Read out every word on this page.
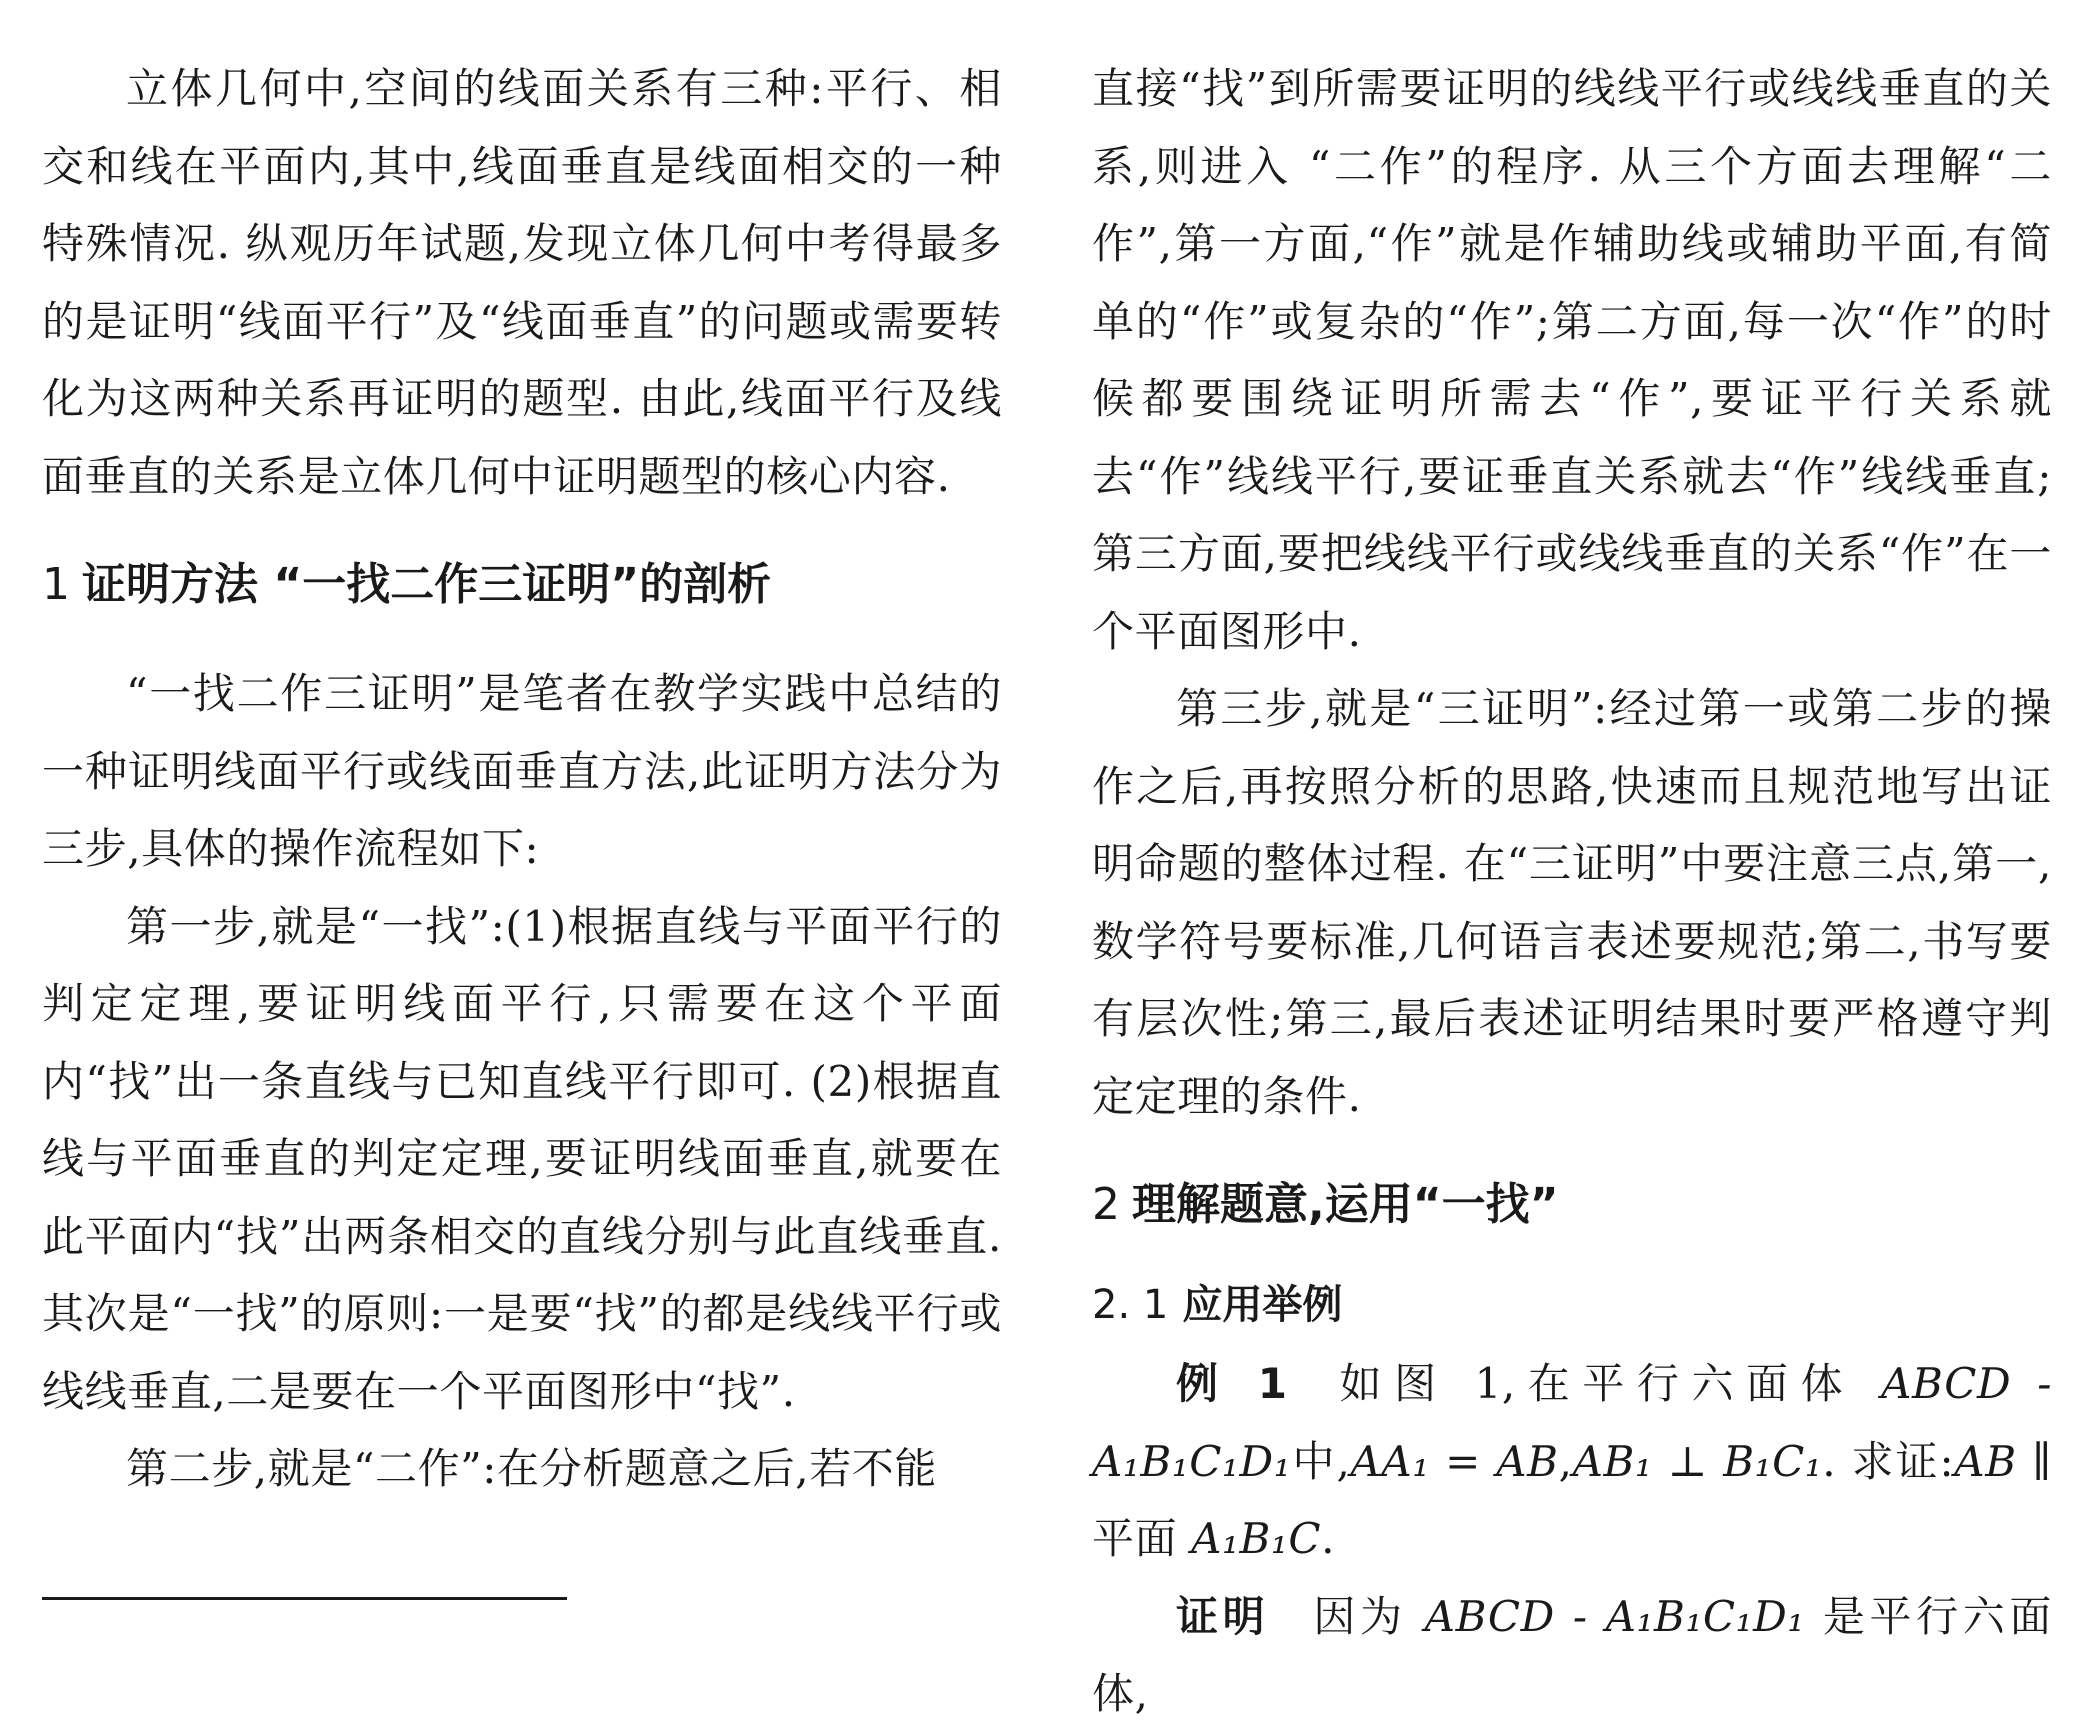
立体几何中,空间的线面关系有三种:平行、相交和线在平面内,其中,线面垂直是线面相交的一种特殊情况. 纵观历年试题,发现立体几何中考得最多的是证明“线面平行”及“线面垂直”的问题或需要转化为这两种关系再证明的题型. 由此,线面平行及线面垂直的关系是立体几何中证明题型的核心内容.

1 证明方法 “一找二作三证明”的剖析

“一找二作三证明”是笔者在教学实践中总结的一种证明线面平行或线面垂直方法,此证明方法分为三步,具体的操作流程如下:

第一步,就是“一找”:(1)根据直线与平面平行的判定定理,要证明线面平行,只需要在这个平面内“找”出一条直线与已知直线平行即可. (2)根据直线与平面垂直的判定定理,要证明线面垂直,就要在此平面内“找”出两条相交的直线分别与此直线垂直. 其次是“一找”的原则:一是要“找”的都是线线平行或线线垂直,二是要在一个平面图形中“找”.

第二步,就是“二作”:在分析题意之后,若不能

直接“找”到所需要证明的线线平行或线线垂直的关系,则进入 “二作”的程序. 从三个方面去理解“二作”,第一方面,“作”就是作辅助线或辅助平面,有简单的“作”或复杂的“作”;第二方面,每一次“作”的时候都要围绕证明所需去“作”,要证平行关系就去“作”线线平行,要证垂直关系就去“作”线线垂直;第三方面,要把线线平行或线线垂直的关系“作”在一个平面图形中.

第三步,就是“三证明”:经过第一或第二步的操作之后,再按照分析的思路,快速而且规范地写出证明命题的整体过程. 在“三证明”中要注意三点,第一,数学符号要标准,几何语言表述要规范;第二,书写要有层次性;第三,最后表述证明结果时要严格遵守判定定理的条件.

2 理解题意,运用“一找”
2. 1 应用举例

例 1 如图 1,在平行六面体 ABCD - A₁B₁C₁D₁中,AA₁ = AB,AB₁ ⊥ B₁C₁. 求证:AB ∥ 平面 A₁B₁C.

证明 因为 ABCD - A₁B₁C₁D₁ 是平行六面体,
